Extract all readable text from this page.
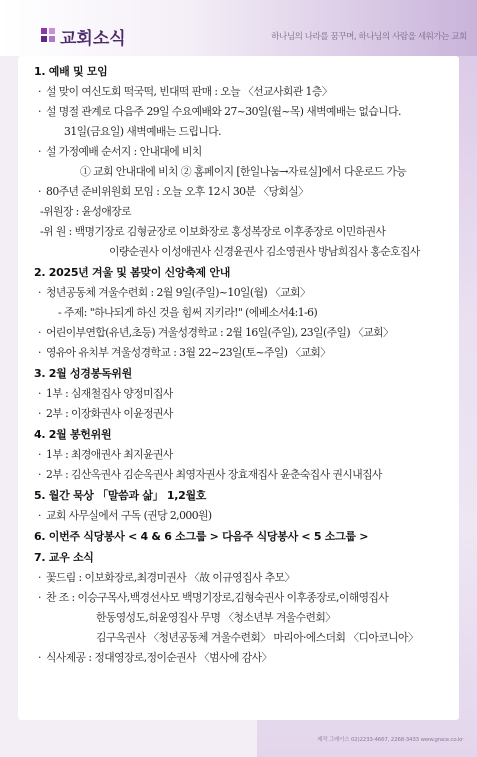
교회소식	하나님의 나라를 꿈꾸며, 하나님의 사람을 세워가는 교회
1. 예배 및 모임
· 설 맞이 여신도회 떡국떡, 빈대떡 판매 : 오늘 〈선교사회관 1층〉
· 설 명절 관계로 다음주 29일 수요예배와 27~30일(월~목) 새벽예배는 없습니다.
31일(금요일) 새벽예배는 드립니다.
· 설 가정예배 순서지 : 안내대에 비치
① 교회 안내대에 비치 ② 홈페이지 [한일나눔→자료실]에서 다운로드 가능
· 80주년 준비위원회 모임 : 오늘 오후 12시 30분 〈당회실〉
-위원장 : 윤성애장로
-위 원 : 백명기장로 김형균장로 이보화장로 홍성복장로 이후종장로 이민하권사
이량순권사 이성애권사 신경윤권사 김소영권사 방남희집사 홍순호집사
2. 2025년 겨울 및 봄맞이 신앙축제 안내
· 청년공동체 겨울수련회 : 2월 9일(주일)~10일(월) 〈교회〉
- 주제: "하나되게 하신 것을 힘써 지키라!" (에베소서4:1-6)
· 어린이부연합(유년,초등) 겨울성경학교 : 2월 16일(주일), 23일(주일) 〈교회〉
· 영유아 유치부 겨울성경학교 : 3월 22~23일(토~주일) 〈교회〉
3. 2월 성경봉독위원
· 1부 : 심재철집사 양정미집사
· 2부 : 이장화권사 이윤정권사
4. 2월 봉헌위원
· 1부 : 최경애권사 최지윤권사
· 2부 : 김산옥권사 김순옥권사 최영자권사 장효재집사 윤춘숙집사 권시내집사
5. 월간 묵상 「말씀과 삶」 1,2월호
· 교회 사무실에서 구독 (권당 2,000원)
6. 이번주 식당봉사 < 4 & 6 소그룹 > 다음주 식당봉사 < 5 소그룹 >
7. 교우 소식
· 꽃드림 : 이보화장로,최경미권사 〈故 이규영집사 추모〉
· 찬 조 : 이승구목사,백경선사모 백명기장로,김형숙권사 이후종장로,이해영집사
한동영성도,허윤영집사 무명 〈청소년부 겨울수련회〉
김구옥권사 〈청년공동체 겨울수련회〉 마리아·에스더회 〈디아코니아〉
· 식사제공 : 정대영장로,정이순권사 〈범사에 감사〉
제작 그레이스 02)2233-4667, 2268-3433 www.grace.co.kr
